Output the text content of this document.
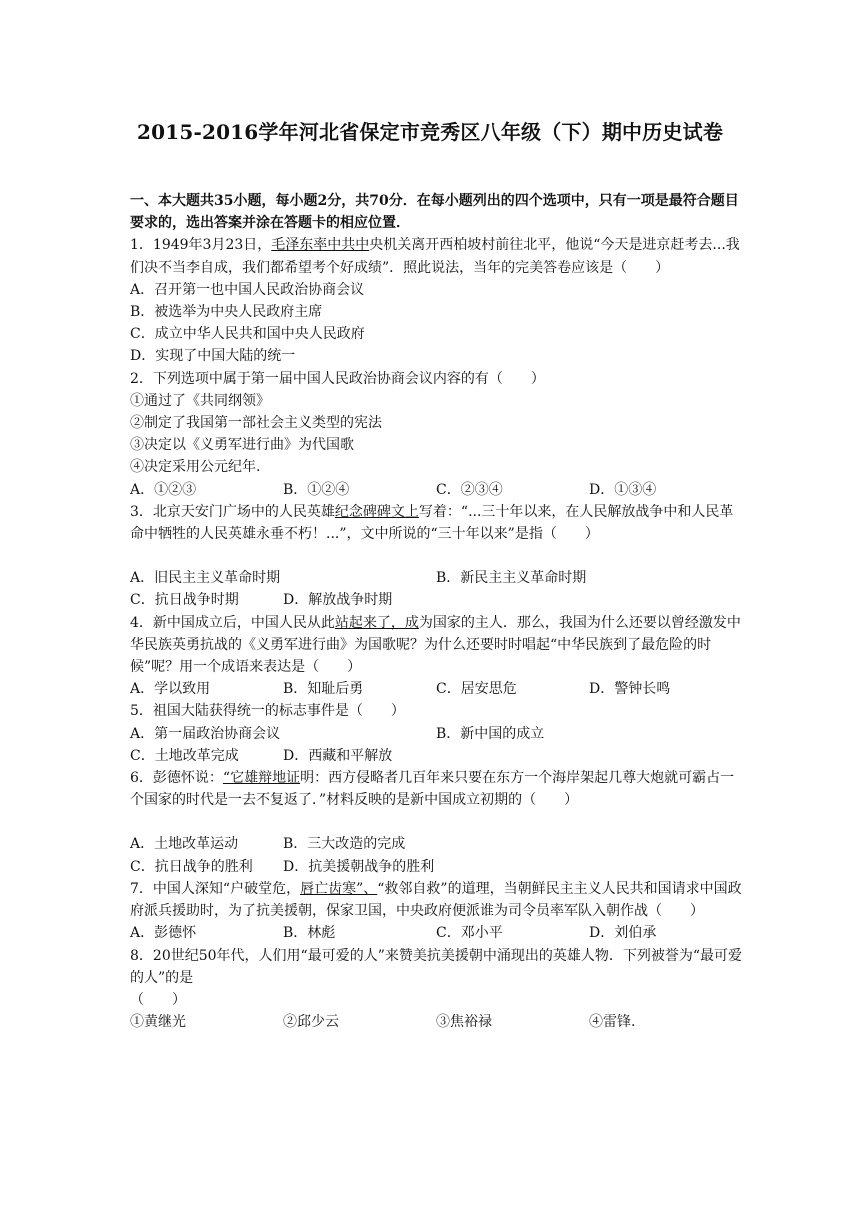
2015-2016学年河北省保定市竞秀区八年级（下）期中历史试卷

一、本大题共35小题，每小题2分，共70分．在每小题列出的四个选项中，只有一项是最符合题目要求的，选出答案并涂在答题卡的相应位置．

1．1949年3月23日，毛泽东率中共中央机关离开西柏坡村前往北平，他说“今天是进京赶考去...我们决不当李自成，我们都希望考个好成绩”．照此说法，当年的完美答卷应该是（　　）

A．召开第一也中国人民政治协商会议

B．被选举为中央人民政府主席

C．成立中华人民共和国中央人民政府

D．实现了中国大陆的统一

2．下列选项中属于第一届中国人民政治协商会议内容的有（　　）

①通过了《共同纲领》

②制定了我国第一部社会主义类型的宪法

③决定以《义勇军进行曲》为代国歌

④决定采用公元纪年.

A．①②③	B．①②④	C．②③④	D．①③④

3．北京天安门广场中的人民英雄纪念碑碑文上写着：“...三十年以来，在人民解放战争中和人民革命中牺牲的人民英雄永垂不朽！...”，文中所说的“三十年以来”是指（　　）

A．旧民主主义革命时期	B．新民主主义革命时期
C．抗日战争时期	D．解放战争时期

4．新中国成立后，中国人民从此站起来了，成为国家的主人．那么，我国为什么还要以曾经激发中华民族英勇抗战的《义勇军进行曲》为国歌呢？为什么还要时时唱起“中华民族到了最危险的时候”呢？用一个成语来表达是（　　）

A．学以致用	B．知耻后勇	C．居安思危	D．警钟长鸣

5．祖国大陆获得统一的标志事件是（　　）

A．第一届政治协商会议	B．新中国的成立
C．土地改革完成	D．西藏和平解放

6．彭德怀说：“它雄辩地证明：西方侵略者几百年来只要在东方一个海岸架起几尊大炮就可霸占一个国家的时代是一去不复返了．”材料反映的是新中国成立初期的（　　）

A．土地改革运动	B．三大改造的完成
C．抗日战争的胜利	D．抗美援朝战争的胜利

7．中国人深知“户破堂危，唇亡齿寒”、“救邻自救”的道理，当朝鲜民主主义人民共和国请求中国政府派兵援助时，为了抗美援朝，保家卫国，中央政府便派谁为司令员率军队入朝作战（　　）

A．彭德怀	B．林彪	C．邓小平	D．刘伯承

8．20世纪50年代，人们用“最可爱的人”来赞美抗美援朝中涌现出的英雄人物．下列被誉为“最可爱的人”的是

（　　）

①黄继光	②邱少云	③焦裕禄	④雷锋.
